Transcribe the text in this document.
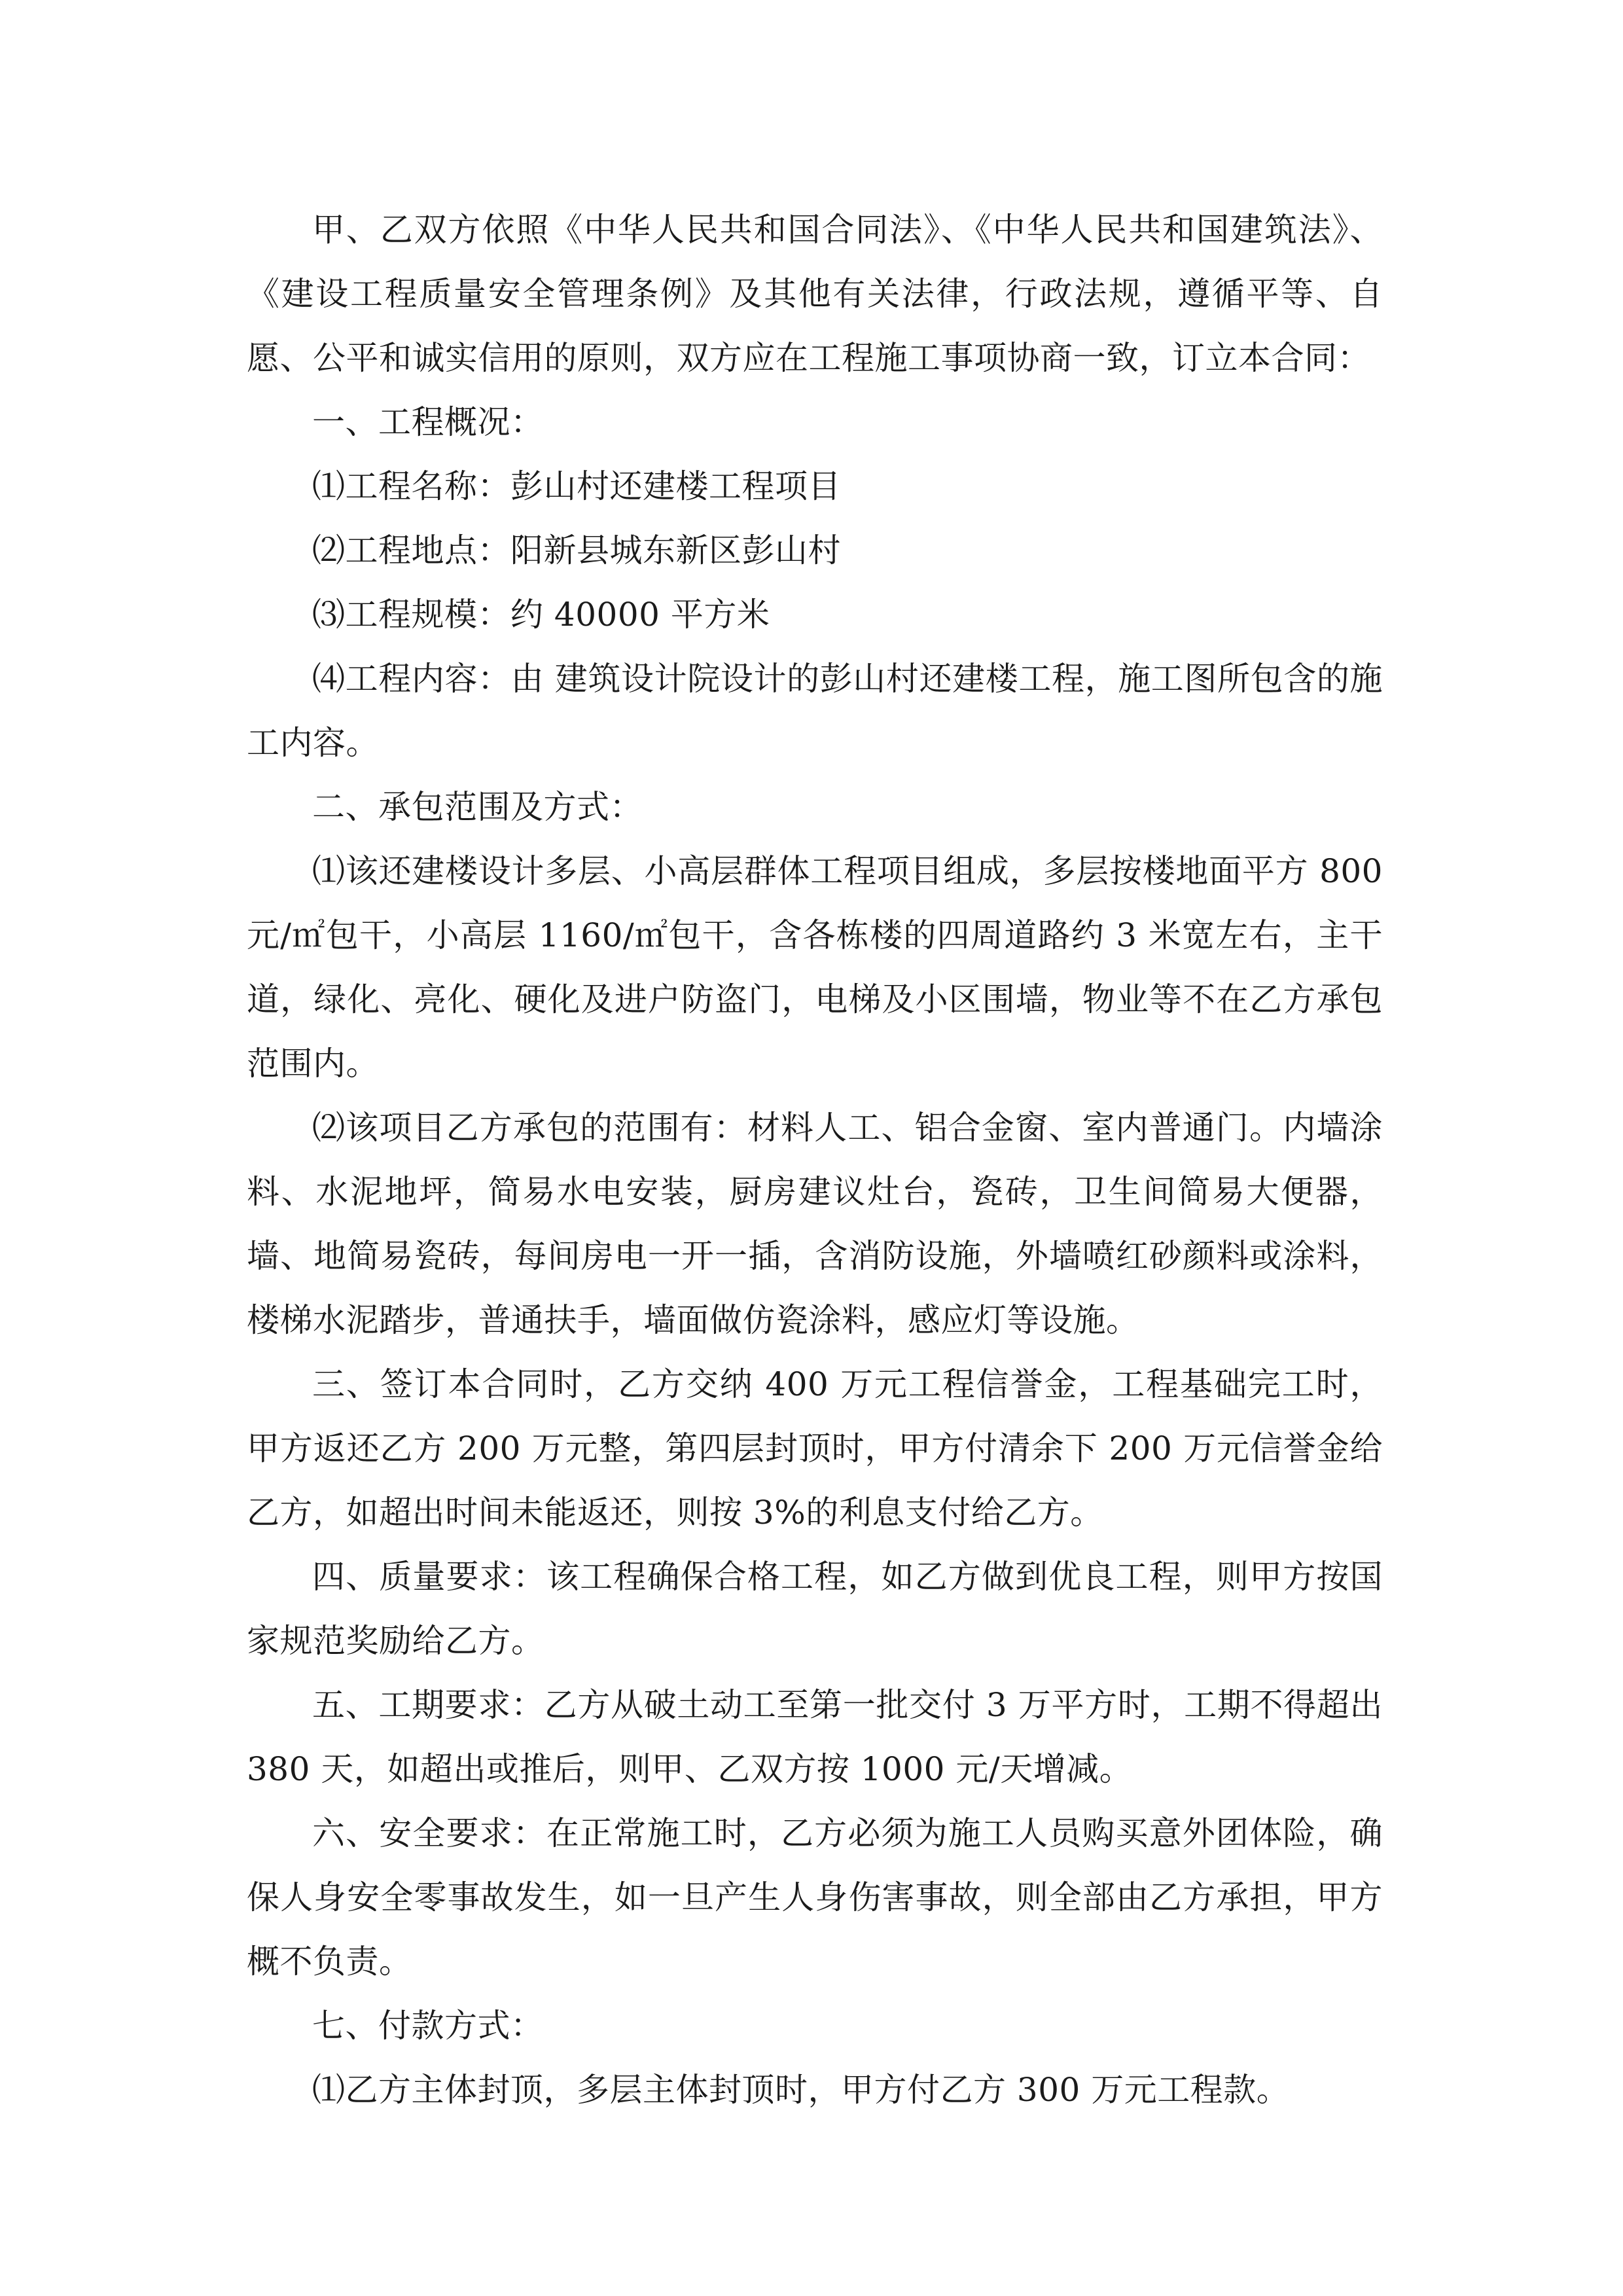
甲、乙双方依照《中华人民共和国合同法》、《中华人民共和国建筑法》、《建设工程质量安全管理条例》及其他有关法律，行政法规，遵循平等、自愿、公平和诚实信用的原则，双方应在工程施工事项协商一致，订立本合同：

一、工程概况：

⑴工程名称：彭山村还建楼工程项目

⑵工程地点：阳新县城东新区彭山村

⑶工程规模：约 40000 平方米

⑷工程内容：由 建筑设计院设计的彭山村还建楼工程，施工图所包含的施工内容。

二、承包范围及方式：

⑴该还建楼设计多层、小高层群体工程项目组成，多层按楼地面平方 800 元/㎡包干，小高层 1160/㎡包干，含各栋楼的四周道路约 3 米宽左右，主干道，绿化、亮化、硬化及进户防盗门，电梯及小区围墙，物业等不在乙方承包范围内。

⑵该项目乙方承包的范围有：材料人工、铝合金窗、室内普通门。内墙涂料、水泥地坪，简易水电安装，厨房建议灶台，瓷砖，卫生间简易大便器，墙、地简易瓷砖，每间房电一开一插，含消防设施，外墙喷红砂颜料或涂料，楼梯水泥踏步，普通扶手，墙面做仿瓷涂料，感应灯等设施。

三、签订本合同时，乙方交纳 400 万元工程信誉金，工程基础完工时，甲方返还乙方 200 万元整，第四层封顶时，甲方付清余下 200 万元信誉金给乙方，如超出时间未能返还，则按 3%的利息支付给乙方。

四、质量要求：该工程确保合格工程，如乙方做到优良工程，则甲方按国家规范奖励给乙方。

五、工期要求：乙方从破土动工至第一批交付 3 万平方时，工期不得超出 380 天，如超出或推后，则甲、乙双方按 1000 元/天增减。

六、安全要求：在正常施工时，乙方必须为施工人员购买意外团体险，确保人身安全零事故发生，如一旦产生人身伤害事故，则全部由乙方承担，甲方概不负责。

七、付款方式：

⑴乙方主体封顶，多层主体封顶时，甲方付乙方 300 万元工程款。
